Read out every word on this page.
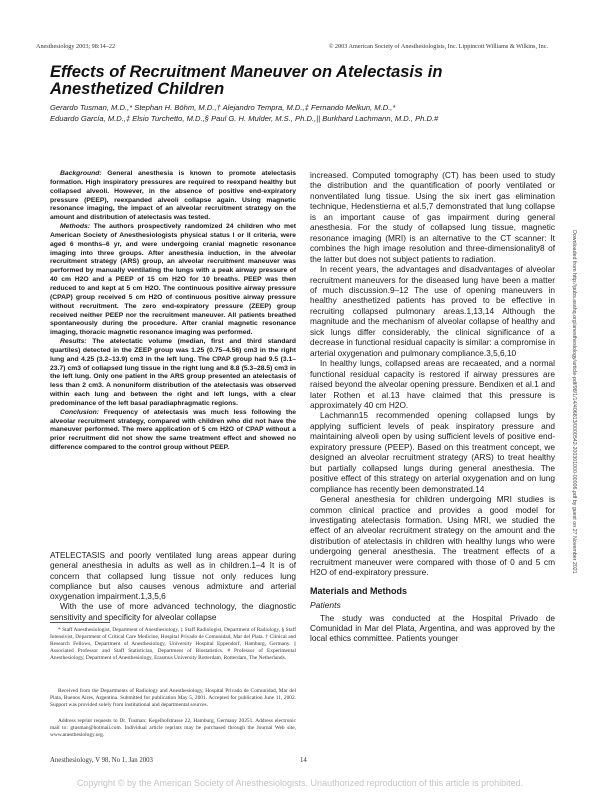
Anesthesiology 2003; 98:14–22	© 2003 American Society of Anesthesiologists, Inc. Lippincott Williams & Wilkins, Inc.
Effects of Recruitment Maneuver on Atelectasis in Anesthetized Children
Gerardo Tusman, M.D.,* Stephan H. Böhm, M.D.,† Alejandro Tempra, M.D.,‡ Fernando Melkun, M.D.,*
Eduardo García, M.D.,‡ Elsio Turchetto, M.D.,§ Paul G. H. Mulder, M.S., Ph.D.,|| Burkhard Lachmann, M.D., Ph.D.#

Background: General anesthesia is known to promote atelectasis formation. High inspiratory pressures are required to reexpand healthy but collapsed alveoli. However, in the absence of positive end-expiratory pressure (PEEP), reexpanded alveoli collapse again. Using magnetic resonance imaging, the impact of an alveolar recruitment strategy on the amount and distribution of atelectasis was tested.

Methods: The authors prospectively randomized 24 children who met American Society of Anesthesiologists physical status I or II criteria, were aged 6 months–6 yr, and were undergoing cranial magnetic resonance imaging into three groups. After anesthesia induction, in the alveolar recruitment strategy (ARS) group, an alveolar recruitment maneuver was performed by manually ventilating the lungs with a peak airway pressure of 40 cm H2O and a PEEP of 15 cm H2O for 10 breaths. PEEP was then reduced to and kept at 5 cm H2O. The continuous positive airway pressure (CPAP) group received 5 cm H2O of continuous positive airway pressure without recruitment. The zero end-expiratory pressure (ZEEP) group received neither PEEP nor the recruitment maneuver. All patients breathed spontaneously during the procedure. After cranial magnetic resonance imaging, thoracic magnetic resonance imaging was performed.

Results: The atelectatic volume (median, first and third standard quartiles) detected in the ZEEP group was 1.25 (0.75–4.56) cm3 in the right lung and 4.25 (3.2–13.9) cm3 in the left lung. The CPAP group had 9.5 (3.1–23.7) cm3 of collapsed lung tissue in the right lung and 8.8 (5.3–28.5) cm3 in the left lung. Only one patient in the ARS group presented an atelectasis of less than 2 cm3. A nonuniform distribution of the atelectasis was observed within each lung and between the right and left lungs, with a clear predominance of the left basal paradiaphragmatic regions.

Conclusion: Frequency of atelectasis was much less following the alveolar recruitment strategy, compared with children who did not have the maneuver performed. The mere application of 5 cm H2O of CPAP without a prior recruitment did not show the same treatment effect and showed no difference compared to the control group without PEEP.

ATELECTASIS and poorly ventilated lung areas appear during general anesthesia in adults as well as in children.1–4 It is of concern that collapsed lung tissue not only reduces lung compliance but also causes venous admixture and arterial oxygenation impairment.1,3,5,6

With the use of more advanced technology, the diagnostic sensitivity and specificity for alveolar collapse

* Staff Anesthesiologist, Department of Anesthesiology, ‡ Staff Radiologist, Department of Radiology, § Staff Intensivist, Department of Critical Care Medicine, Hospital Privado de Comunidad, Mar del Plata. † Clinical and Research Fellows, Department of Anesthesiology, University Hospital Eppendorf, Hamburg, Germany. || Associated Professor and Staff Statistician, Department of Biostatistics. # Professor of Experimental Anesthesiology, Department of Anesthesiology, Erasmus University Rotterdam, Rotterdam, The Netherlands.

Received from the Departments of Radiology and Anesthesiology, Hospital Privado de Comunidad, Mar del Plata, Buenos Aires, Argentina. Submitted for publication May 5, 2001. Accepted for publication June 11, 2002. Support was provided solely from institutional and departmental sources.

Address reprint requests to Dr. Tusman: Kegelhofstrasse 22, Hamburg, Germany 20251. Address electronic mail to: gtusman@hotmail.com. Individual article reprints may be purchased through the Journal Web site, www.anesthesiology.org.

increased. Computed tomography (CT) has been used to study the distribution and the quantification of poorly ventilated or nonventilated lung tissue. Using the six inert gas elimination technique, Hedenstierna et al.5,7 demonstrated that lung collapse is an important cause of gas impairment during general anesthesia. For the study of collapsed lung tissue, magnetic resonance imaging (MRI) is an alternative to the CT scanner: It combines the high image resolution and three-dimensionality8 of the latter but does not subject patients to radiation.

In recent years, the advantages and disadvantages of alveolar recruitment maneuvers for the diseased lung have been a matter of much discussion.9–12 The use of opening maneuvers in healthy anesthetized patients has proved to be effective in recruiting collapsed pulmonary areas.1,13,14 Although the magnitude and the mechanism of alveolar collapse of healthy and sick lungs differ considerably, the clinical significance of a decrease in functional residual capacity is similar: a compromise in arterial oxygenation and pulmonary compliance.3,5,6,10

In healthy lungs, collapsed areas are recaeated, and a normal functional residual capacity is restored if airway pressures are raised beyond the alveolar opening pressure. Bendixen et al.1 and later Rothen et al.13 have claimed that this pressure is approximately 40 cm H2O.

Lachmann15 recommended opening collapsed lungs by applying sufficient levels of peak inspiratory pressure and maintaining alveoli open by using sufficient levels of positive end-expiratory pressure (PEEP). Based on this treatment concept, we designed an alveolar recruitment strategy (ARS) to treat healthy but partially collapsed lungs during general anesthesia. The positive effect of this strategy on arterial oxygenation and on lung compliance has recently been demonstrated.14

General anesthesia for children undergoing MRI studies is common clinical practice and provides a good model for investigating atelectasis formation. Using MRI, we studied the effect of an alveolar recruitment strategy on the amount and the distribution of atelectasis in children with healthy lungs who were undergoing general anesthesia. The treatment effects of a recruitment maneuver were compared with those of 0 and 5 cm H2O of end-expiratory pressure.

Materials and Methods

Patients

The study was conducted at the Hospital Privado de Comunidad in Mar del Plata, Argentina, and was approved by the local ethics committee. Patients younger

Downloaded from http://pubs.asahq.org/anesthesiology/article-pdf/98/1/14/406813/0000542-200301000-00006.pdf by guest on 27 November 2021
Anesthesiology, V 98, No 1, Jan 2003	14
Copyright © by the American Society of Anesthesiologists. Unauthorized reproduction of this article is prohibited.
